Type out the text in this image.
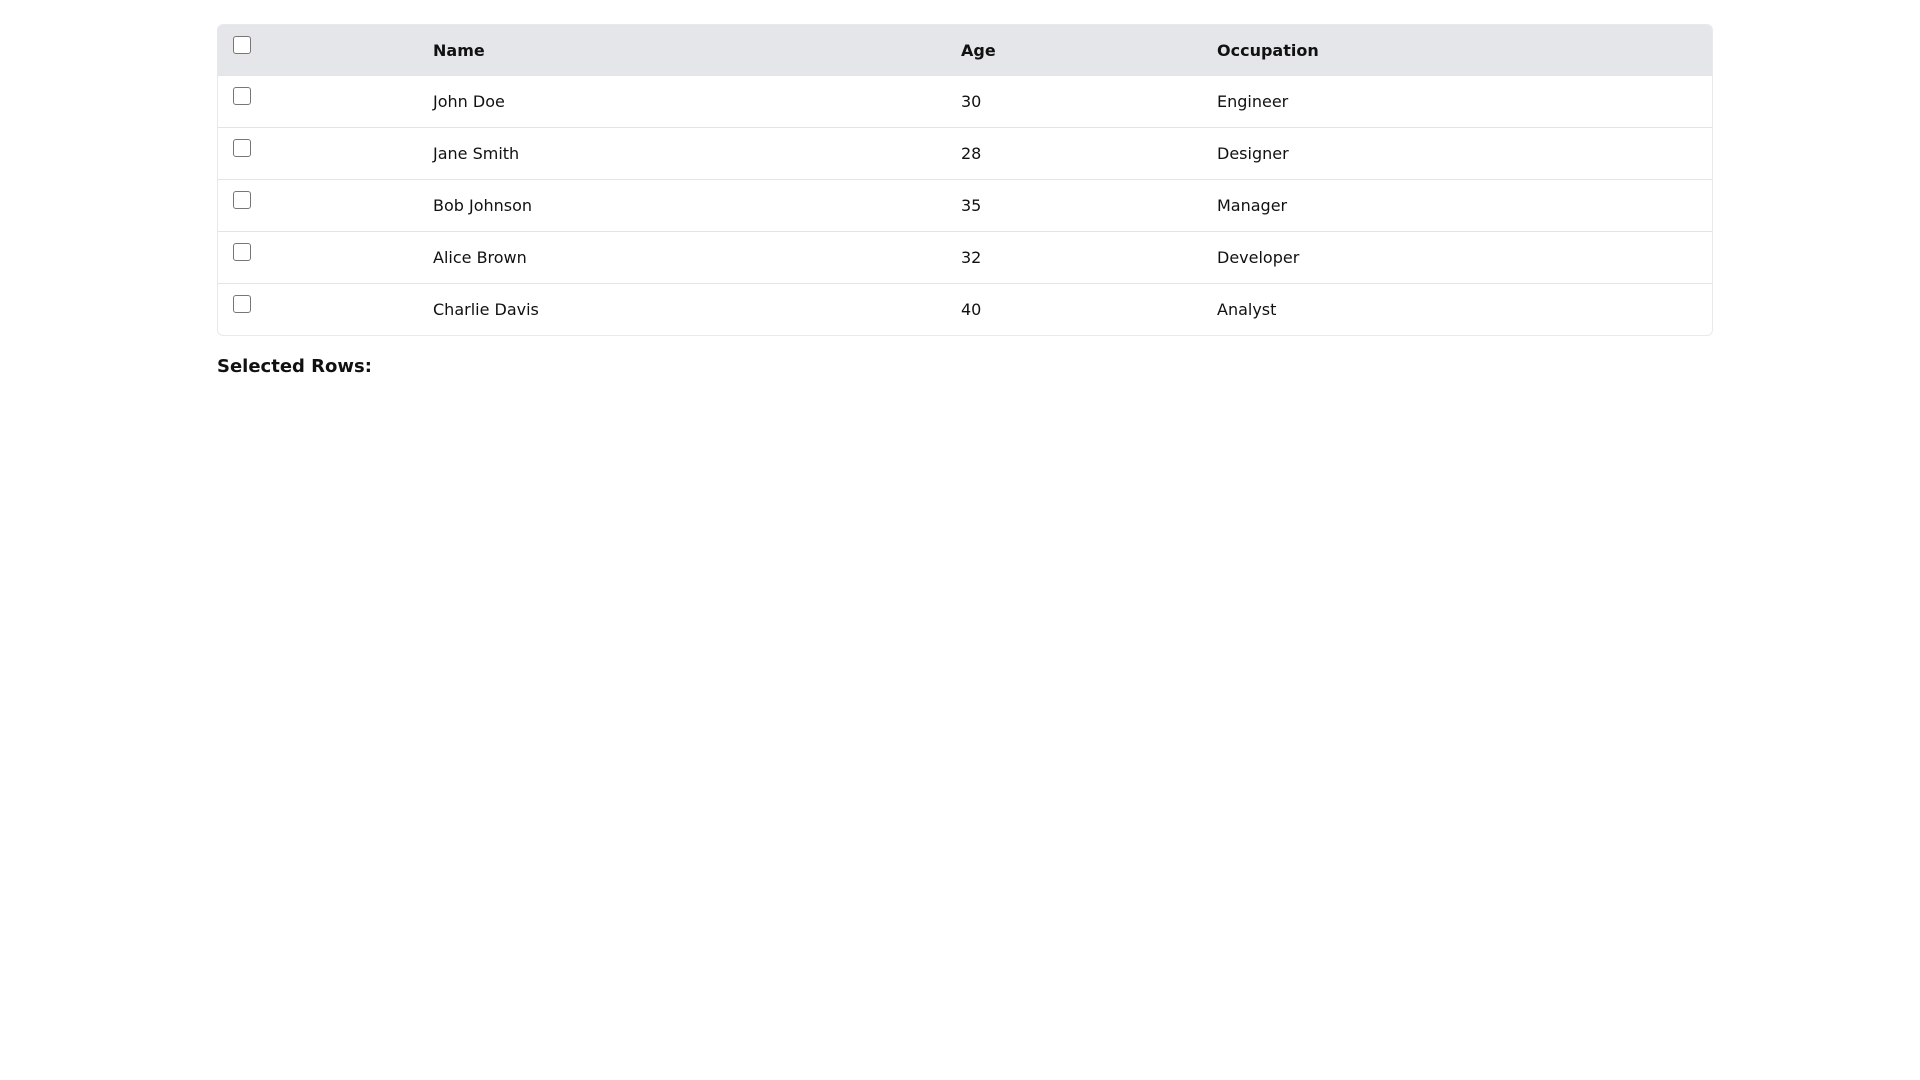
	Name	Age	Occupation

	John Doe	30	Engineer

	Jane Smith	28	Designer

	Bob Johnson	35	Manager

	Alice Brown	32	Developer

	Charlie Davis	40	Analyst
Selected Rows:
